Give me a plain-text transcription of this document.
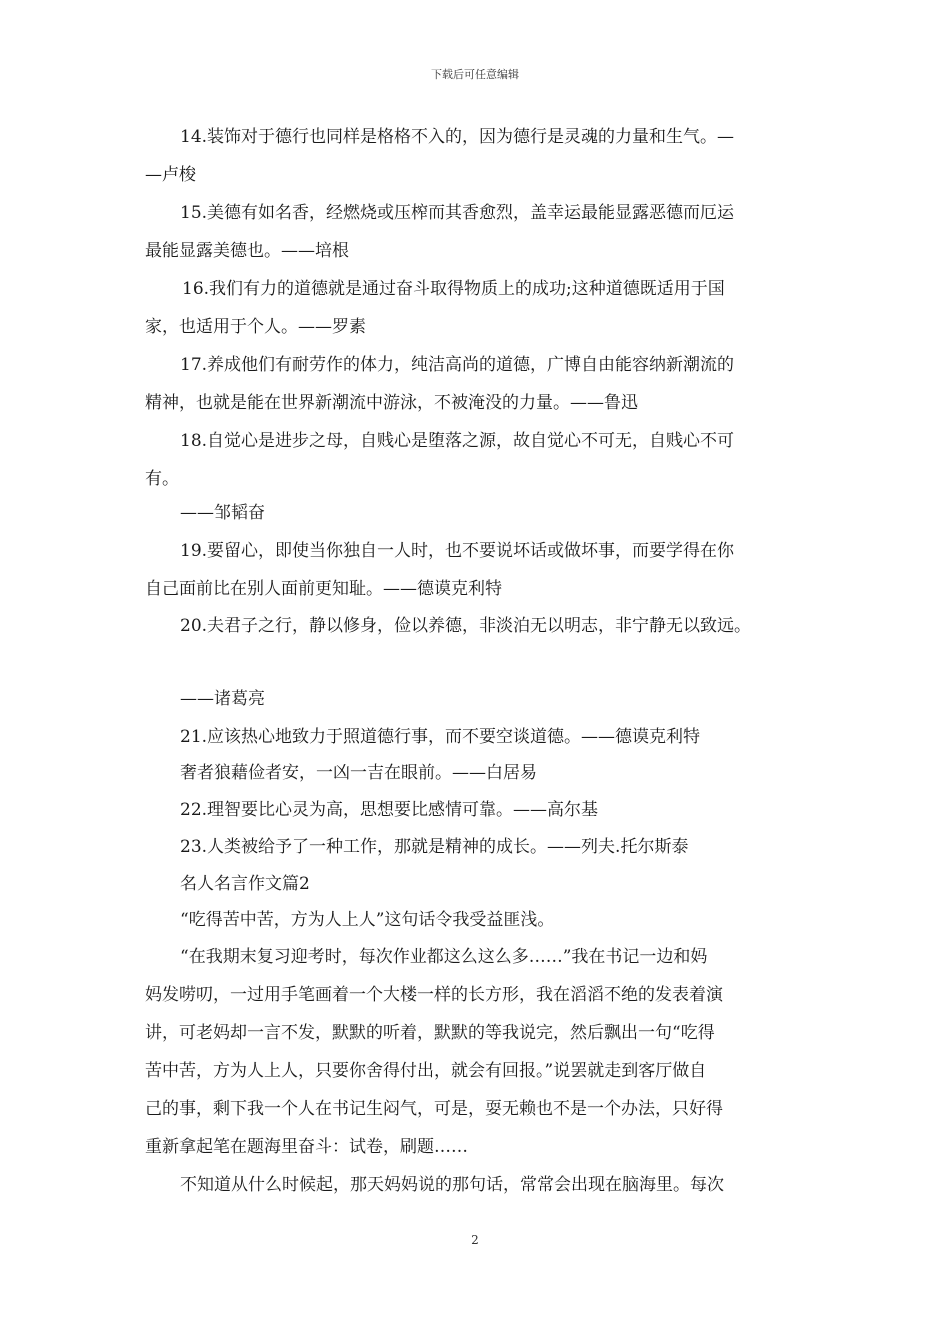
下载后可任意编辑
14.装饰对于德行也同样是格格不入的，因为德行是灵魂的力量和生气。—
—卢梭
15.美德有如名香，经燃烧或压榨而其香愈烈，盖幸运最能显露恶德而厄运
最能显露美德也。——培根
16.我们有力的道德就是通过奋斗取得物质上的成功;这种道德既适用于国
家，也适用于个人。——罗素
17.养成他们有耐劳作的体力，纯洁高尚的道德，广博自由能容纳新潮流的
精神，也就是能在世界新潮流中游泳，不被淹没的力量。——鲁迅
18.自觉心是进步之母，自贱心是堕落之源，故自觉心不可无，自贱心不可
有。
——邹韬奋
19.要留心，即使当你独自一人时，也不要说坏话或做坏事，而要学得在你
自己面前比在别人面前更知耻。——德谟克利特
20.夫君子之行，静以修身，俭以养德，非淡泊无以明志，非宁静无以致远。
——诸葛亮
21.应该热心地致力于照道德行事，而不要空谈道德。——德谟克利特
奢者狼藉俭者安，一凶一吉在眼前。——白居易
22.理智要比心灵为高，思想要比感情可靠。——高尔基
23.人类被给予了一种工作，那就是精神的成长。——列夫.托尔斯泰
名人名言作文篇2
“吃得苦中苦，方为人上人”这句话令我受益匪浅。
“在我期末复习迎考时，每次作业都这么这么多……”我在书记一边和妈
妈发唠叨，一过用手笔画着一个大楼一样的长方形，我在滔滔不绝的发表着演
讲，可老妈却一言不发，默默的听着，默默的等我说完，然后飘出一句“吃得
苦中苦，方为人上人，只要你舍得付出，就会有回报。”说罢就走到客厅做自
己的事，剩下我一个人在书记生闷气，可是，耍无赖也不是一个办法，只好得
重新拿起笔在题海里奋斗：试卷，刷题……
不知道从什么时候起，那天妈妈说的那句话，常常会出现在脑海里。每次
2
